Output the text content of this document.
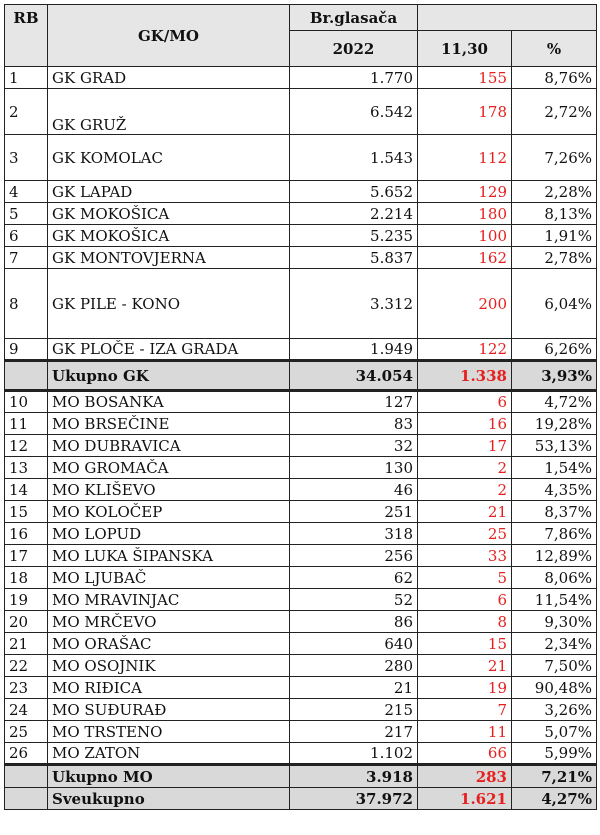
RB	GK/MO	Br.glasača		
		2022	11,30	%
1	GK GRAD	1.770	155	8,76%
2	GK GRUŽ	6.542	178	2,72%
3	GK KOMOLAC	1.543	112	7,26%
4	GK LAPAD	5.652	129	2,28%
5	GK MOKOŠICA	2.214	180	8,13%
6	GK MOKOŠICA	5.235	100	1,91%
7	GK MONTOVJERNA	5.837	162	2,78%
8	GK PILE - KONO	3.312	200	6,04%
9	GK PLOČE - IZA GRADA	1.949	122	6,26%
	Ukupno GK	34.054	1.338	3,93%
10	MO BOSANKA	127	6	4,72%
11	MO BRSEČINE	83	16	19,28%
12	MO DUBRAVICA	32	17	53,13%
13	MO GROMAČA	130	2	1,54%
14	MO KLIŠEVO	46	2	4,35%
15	MO KOLOČEP	251	21	8,37%
16	MO LOPUD	318	25	7,86%
17	MO LUKA ŠIPANSKA	256	33	12,89%
18	MO LJUBAČ	62	5	8,06%
19	MO MRAVINJAC	52	6	11,54%
20	MO MRČEVO	86	8	9,30%
21	MO ORAŠAC	640	15	2,34%
22	MO OSOJNIK	280	21	7,50%
23	MO RIĐICA	21	19	90,48%
24	MO SUĐURAĐ	215	7	3,26%
25	MO TRSTENO	217	11	5,07%
26	MO ZATON	1.102	66	5,99%
	Ukupno MO	3.918	283	7,21%
	Sveukupno	37.972	1.621	4,27%
